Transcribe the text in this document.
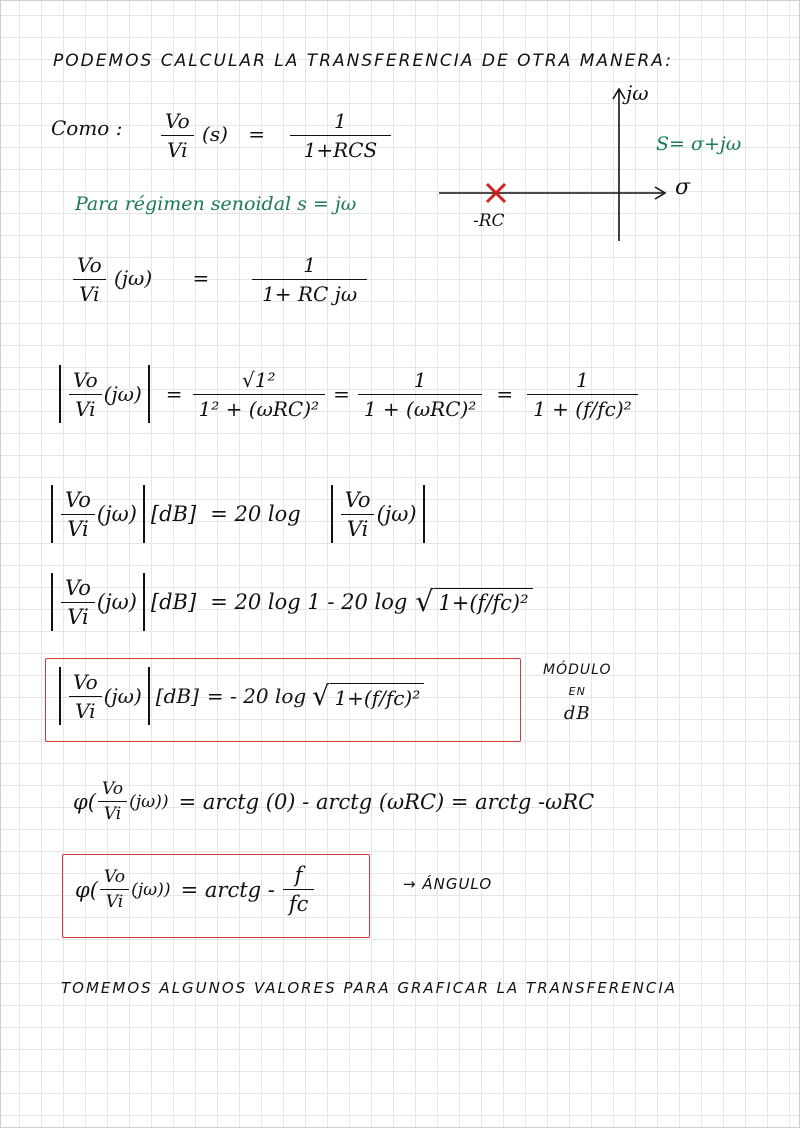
PODEMOS CALCULAR LA TRANSFERENCIA DE OTRA MANERA:
Como : $\frac{Vo}{Vi} (s) = \frac{1}{\text{1+RCS}}$
Para régimen senoidal s = jω
jω
σ
S= σ+jω
-RC
$\frac{Vo}{Vi} (j\omega) = \frac{1}{\text{1+ RC jω}}$
$\frac{Vo}{Vi} (j\omega) = \frac{\text{√1²}}{\text{1² + (ωRC)²}} = \frac{1}{\text{1 + (ωRC)²}} = \frac{1}{\text{1 + (f/fc)²}}$
$\frac{Vo}{Vi} (j\omega) [dB] = 20$ $\log \frac{Vo}{Vi} (j\omega)$
$\frac{Vo}{Vi} (j\omega) [dB] = 20$ log 1 - 20 log √ 1+(f/fc)²
$\frac{Vo}{Vi} (j\omega) [dB]$ = - 20 log √ 1+(f/fc)²
MÓDULO
EN
dB
$\varphi( \frac{Vo}{Vi} (j\omega))$ = arctg (0) - arctg (ωRC) = arctg -ωRC
$\varphi( \frac{Vo}{Vi} (j\omega))$ = arctg - $\frac{f}{fc}$	→ ÁNGULO
TOMEMOS ALGUNOS VALORES PARA GRAFICAR LA TRANSFERENCIA
